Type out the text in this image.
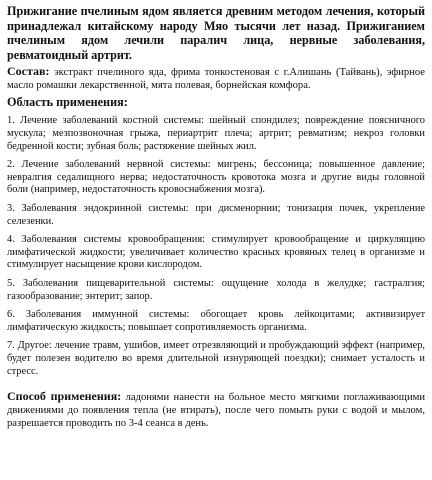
Прижигание пчелиным ядом является древним методом лечения, который принадлежал китайскому народу Мяо тысячи лет назад. Прижиганием пчелиным ядом лечили паралич лица, нервные заболевания, ревматоидный артрит.

Состав: экстракт пчелиного яда, фрима тонкостеновая с г.Алишань (Тайвань), эфирное масло ромашки лекарственной, мята полевая, борнейская комфора.

Область применения:

1. Лечение заболеваний костной системы: шейный спондилез; повреждение поясничного мускула; мезпозвоночная грыжа, периартрит плеча; артрит; ревматизм; некроз головки бедренной кости; зубная боль; растяжение шейных жил.

2. Лечение заболеваний нервной системы: мигрень; бессоница; повышенное давление; невралгия седалищного нерва; недостаточность кровотока мозга и другие виды головной боли (например, недостаточность кровоснабжения мозга).

3. Заболевания эндокринной системы: при дисменорнии; тонизация почек, укрепление селезенки.

4. Заболевания системы кровообращения: стимулирует кровообращение и циркулящию лимфатической жидкости; увеличивает количество красных кровяных телец в организме и стимулирует насыщение крови кислородом.

5. Заболевания пищеварительной системы: ощущение холода в желудке; гастралгия; газообразование; энтерит; запор.

6. Заболевания иммунной системы: обогощает кровь лейкоцитами; активизирует лимфатическую жидкость; повышает сопротивляемость организма.

7. Другое: лечение травм, ушибов, имеет отрезвляющий и пробуждающий эффект (например, будет полезен водителю во время длительной изнуряющей поездки); снимает усталость и стресс.

Способ применения: ладонями нанести на больное место мягкими поглаживающими движениями до появления тепла (не втирать), после чего помыть руки с водой и мылом, разрешается проводить по 3-4 сеанса в день.
